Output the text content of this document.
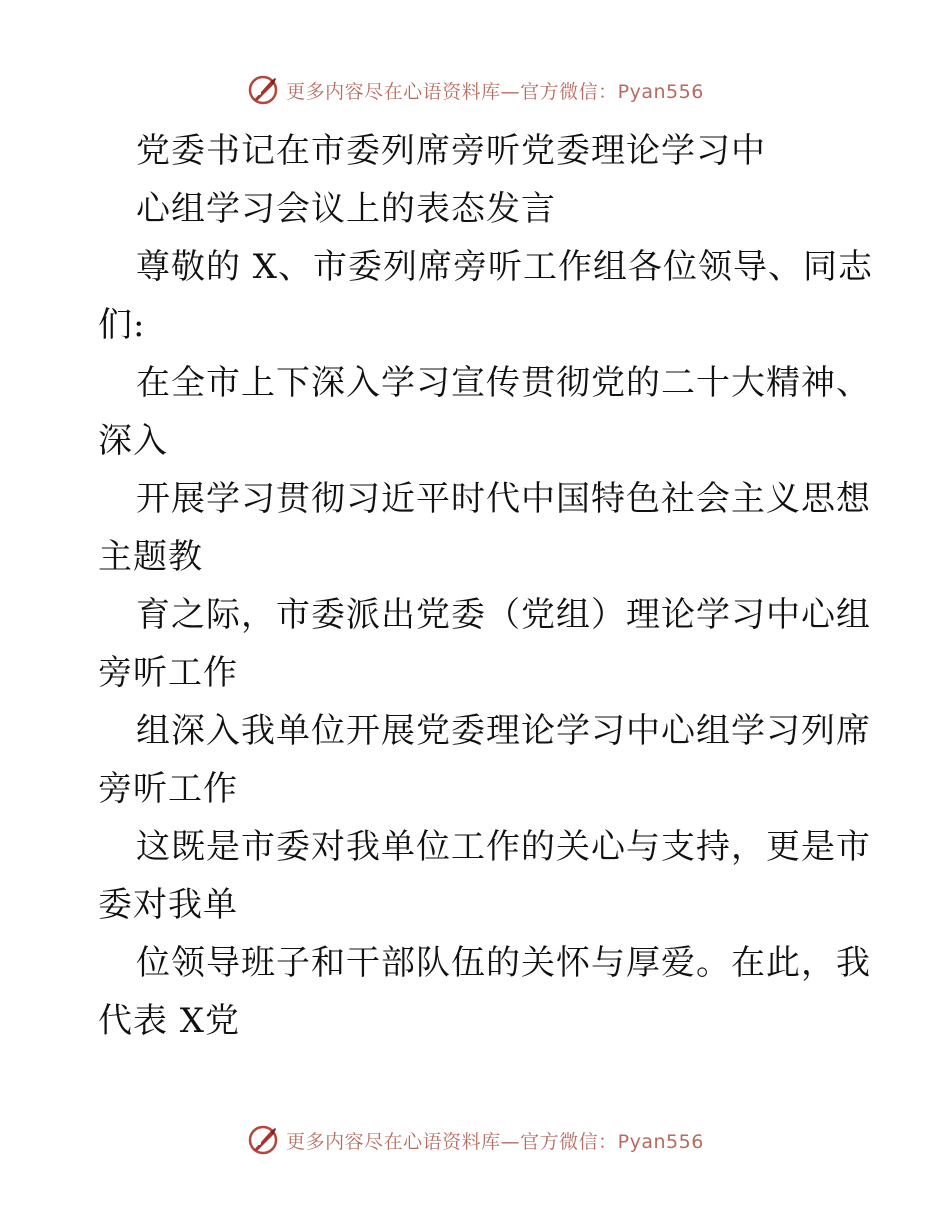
更多内容尽在心语资料库—官方微信：Pyan556
党委书记在市委列席旁听党委理论学习中
心组学习会议上的表态发言
尊敬的 X、市委列席旁听工作组各位领导、同志
们:
在全市上下深入学习宣传贯彻党的二十大精神、
深入
开展学习贯彻习近平时代中国特色社会主义思想
主题教
育之际，市委派出党委（党组）理论学习中心组
旁听工作
组深入我单位开展党委理论学习中心组学习列席
旁听工作
这既是市委对我单位工作的关心与支持，更是市
委对我单
位领导班子和干部队伍的关怀与厚爱。在此，我
代表 X党
更多内容尽在心语资料库—官方微信：Pyan556
